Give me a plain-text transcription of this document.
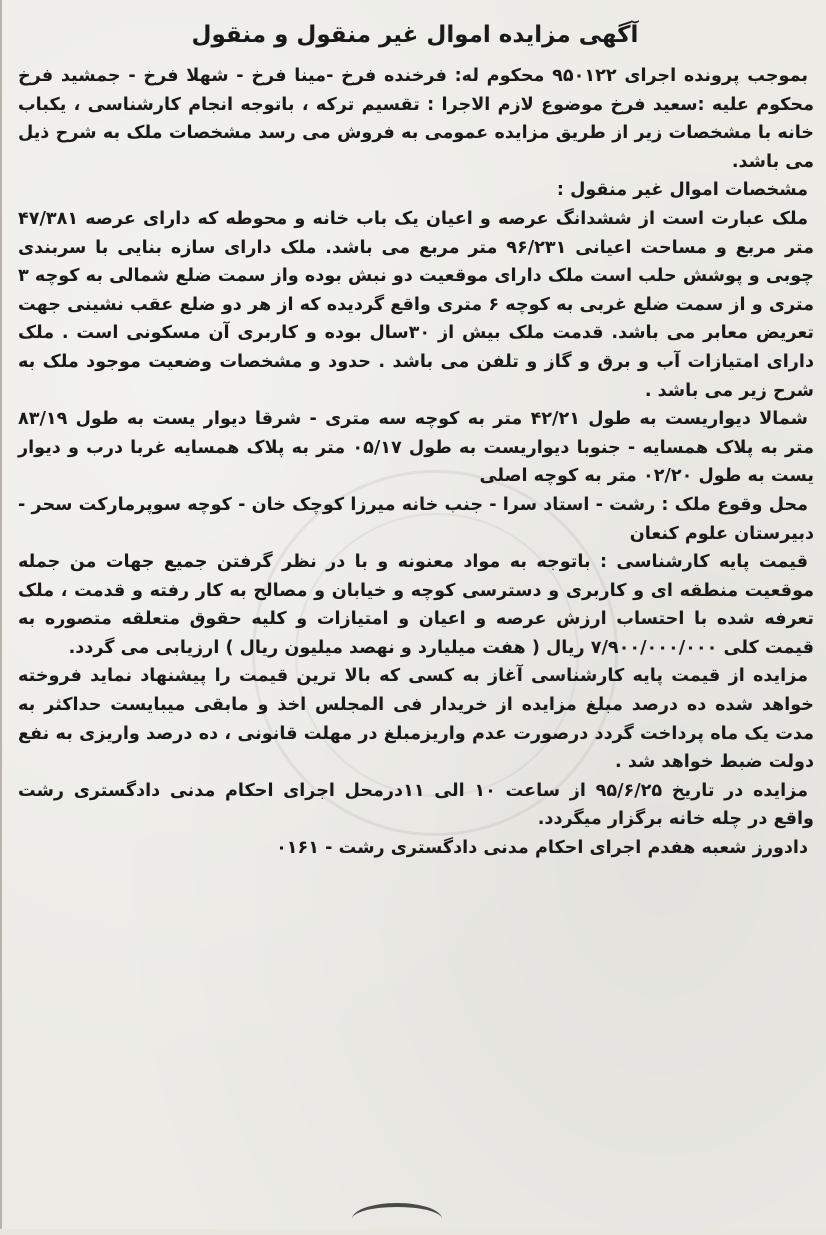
آگهی مزایده اموال غیر منقول و منقول

بموجب پرونده اجرای ۹۵۰۱۲۲ محکوم له: فرخنده فرخ -مینا فرخ - شهلا فرخ - جمشید فرخ محکوم علیه :سعید فرخ موضوع لازم الاجرا : تقسیم ترکه ، باتوجه انجام کارشناسی ، یکباب خانه با مشخصات زیر از طریق مزایده عمومی به فروش می رسد مشخصات ملک به شرح ذیل می باشد.

مشخصات اموال غیر منقول :

ملک عبارت است از ششدانگ عرصه و اعیان یک باب خانه و محوطه که دارای عرصه ۴۷/۳۸۱ متر مربع و مساحت اعیانی ۹۶/۲۳۱ متر مربع می باشد. ملک دارای سازه بنایی با سربندی چوبی و پوشش حلب است ملک دارای موقعیت دو نبش بوده واز سمت ضلع شمالی به کوچه ۳ متری و از سمت ضلع غربی به کوچه ۶ متری واقع گردیده که از هر دو ضلع عقب نشینی جهت تعریض معابر می باشد. قدمت ملک بیش از ۳۰سال بوده و کاربری آن مسکونی است . ملک دارای امتیازات آب و برق و گاز و تلفن می باشد . حدود و مشخصات وضعیت موجود ملک به شرح زیر می باشد .

شمالا دیواریست به طول ۴۲/۲۱ متر به کوچه سه متری - شرقا دیوار یست به طول ۸۳/۱۹ متر به پلاک همسایه - جنوبا دیواریست به طول ۰۵/۱۷ متر به پلاک همسایه غربا درب و دیوار یست به طول ۰۲/۲۰ متر به کوچه اصلی

محل وقوع ملک : رشت - استاد سرا - جنب خانه میرزا کوچک خان - کوچه سوپرمارکت سحر - دبیرستان علوم کنعان

قیمت پایه کارشناسی : باتوجه به مواد معنونه و با در نظر گرفتن جمیع جهات من جمله موقعیت منطقه ای و کاربری و دسترسی کوچه و خیابان و مصالح به کار رفته و قدمت ، ملک تعرفه شده با احتساب ارزش عرصه و اعیان و امتیازات و کلیه حقوق متعلقه متصوره به قیمت کلی ۷/۹۰۰/۰۰۰/۰۰۰ ریال ( هفت میلیارد و نهصد میلیون ریال ) ارزیابی می گردد.

مزایده از قیمت پایه کارشناسی آغاز به کسی که بالا ترین قیمت را پیشنهاد نماید فروخته خواهد شده ده درصد مبلغ مزایده از خریدار فی المجلس اخذ و مابقی میبایست حداکثر به مدت یک ماه پرداخت گردد درصورت عدم واریزمبلغ در مهلت قانونی ، ده درصد واریزی به نفع دولت ضبط خواهد شد .

مزایده در تاریخ ۹۵/۶/۲۵ از ساعت ۱۰ الی ۱۱درمحل اجرای احکام مدنی دادگستری رشت واقع در چله خانه برگزار میگردد.

دادورز شعبه هفدم اجرای احکام مدنی دادگستری رشت - ۰۱۶۱
